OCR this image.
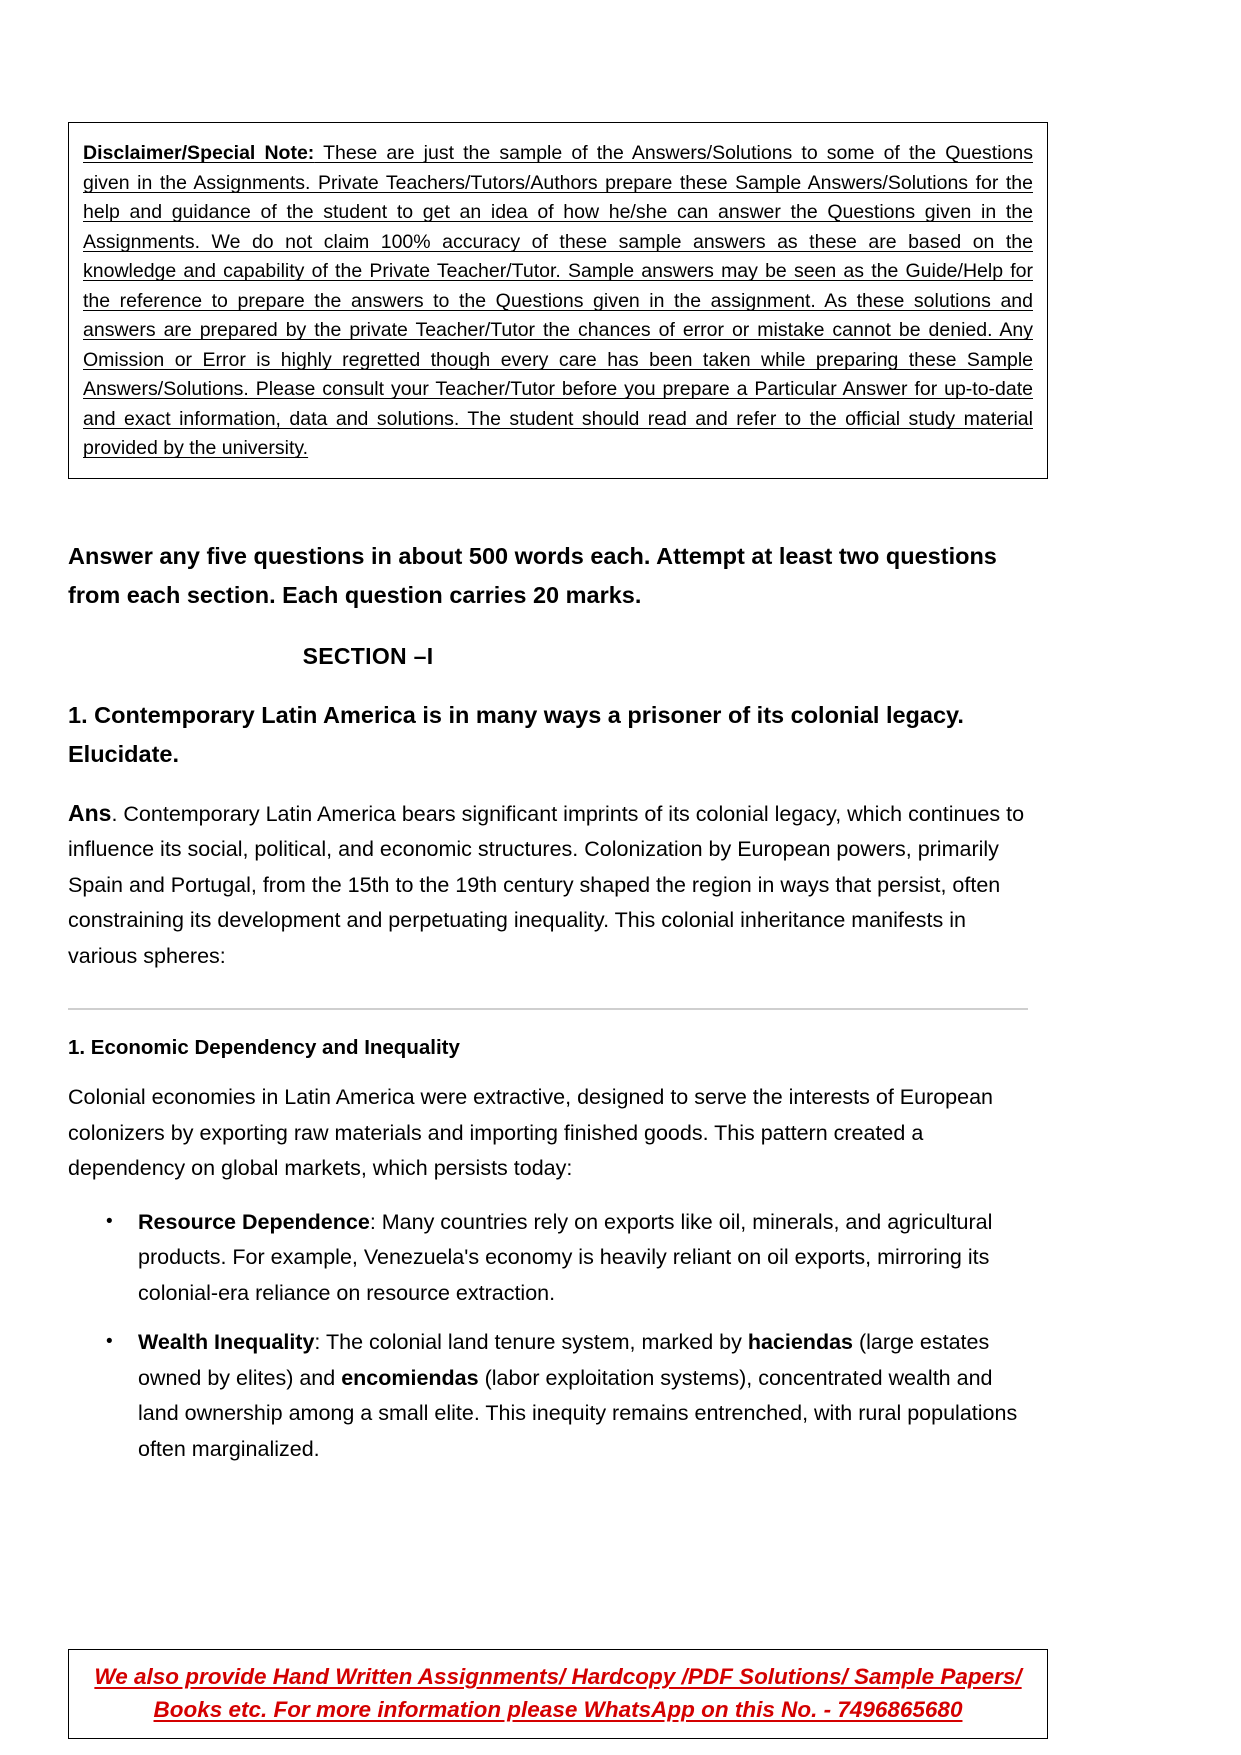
Disclaimer/Special Note: These are just the sample of the Answers/Solutions to some of the Questions given in the Assignments. Private Teachers/Tutors/Authors prepare these Sample Answers/Solutions for the help and guidance of the student to get an idea of how he/she can answer the Questions given in the Assignments. We do not claim 100% accuracy of these sample answers as these are based on the knowledge and capability of the Private Teacher/Tutor. Sample answers may be seen as the Guide/Help for the reference to prepare the answers to the Questions given in the assignment. As these solutions and answers are prepared by the private Teacher/Tutor the chances of error or mistake cannot be denied. Any Omission or Error is highly regretted though every care has been taken while preparing these Sample Answers/Solutions. Please consult your Teacher/Tutor before you prepare a Particular Answer for up-to-date and exact information, data and solutions. The student should read and refer to the official study material provided by the university.
Answer any five questions in about 500 words each. Attempt at least two questions from each section. Each question carries 20 marks.
SECTION –I
1. Contemporary Latin America is in many ways a prisoner of its colonial legacy. Elucidate.
Ans. Contemporary Latin America bears significant imprints of its colonial legacy, which continues to influence its social, political, and economic structures. Colonization by European powers, primarily Spain and Portugal, from the 15th to the 19th century shaped the region in ways that persist, often constraining its development and perpetuating inequality. This colonial inheritance manifests in various spheres:
1. Economic Dependency and Inequality
Colonial economies in Latin America were extractive, designed to serve the interests of European colonizers by exporting raw materials and importing finished goods. This pattern created a dependency on global markets, which persists today:
• Resource Dependence: Many countries rely on exports like oil, minerals, and agricultural products. For example, Venezuela's economy is heavily reliant on oil exports, mirroring its colonial-era reliance on resource extraction.
• Wealth Inequality: The colonial land tenure system, marked by haciendas (large estates owned by elites) and encomiendas (labor exploitation systems), concentrated wealth and land ownership among a small elite. This inequity remains entrenched, with rural populations often marginalized.
We also provide Hand Written Assignments/ Hardcopy /PDF Solutions/ Sample Papers/
Books etc. For more information please WhatsApp on this No. - 7496865680
